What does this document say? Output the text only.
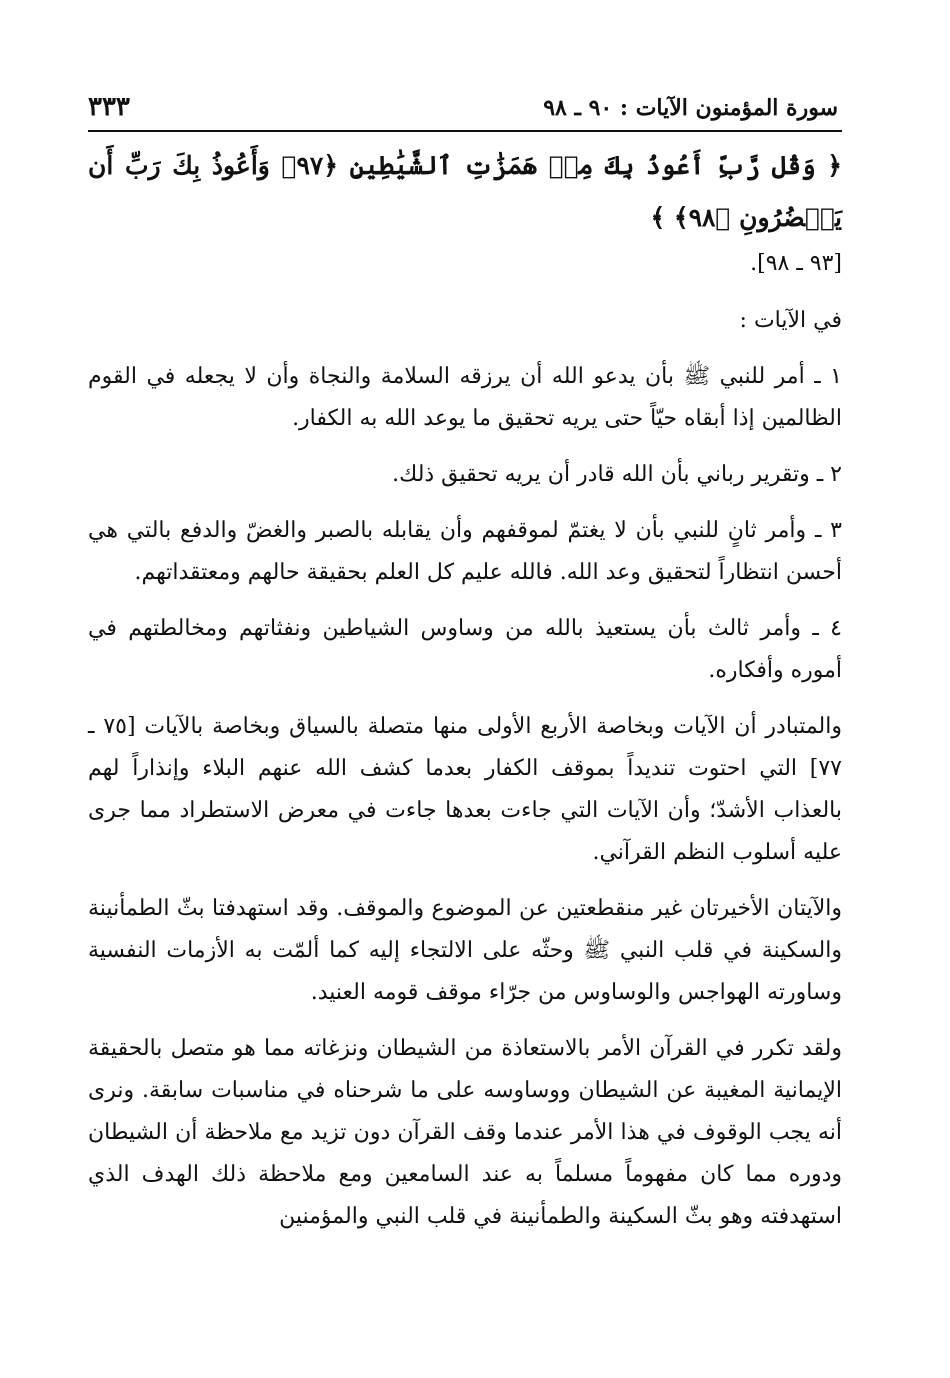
سورة المؤمنون الآيات : ٩٠ ـ ٩٨
٣٣٣
﴿ وَقُل رَّبِّ أَعُوذُ بِكَ مِنۡ هَمَزَٰتِ ٱلشَّيَٰطِينِ ﴿٩٧﴾ وَأَعُوذُ بِكَ رَبِّ أَن يَحۡضُرُونِ ﴿٩٨﴾ ﴾
[٩٣ ـ ٩٨].

في الآيات :

١ ـ أمر للنبي ﷺ بأن يدعو الله أن يرزقه السلامة والنجاة وأن لا يجعله في القوم الظالمين إذا أبقاه حيّاً حتى يريه تحقيق ما يوعد الله به الكفار.

٢ ـ وتقرير رباني بأن الله قادر أن يريه تحقيق ذلك.

٣ ـ وأمر ثانٍ للنبي بأن لا يغتمّ لموقفهم وأن يقابله بالصبر والغضّ والدفع بالتي هي أحسن انتظاراً لتحقيق وعد الله. فالله عليم كل العلم بحقيقة حالهم ومعتقداتهم.

٤ ـ وأمر ثالث بأن يستعيذ بالله من وساوس الشياطين ونفثاتهم ومخالطتهم في أموره وأفكاره.

والمتبادر أن الآيات وبخاصة الأربع الأولى منها متصلة بالسياق وبخاصة بالآيات [٧٥ ـ ٧٧] التي احتوت تنديداً بموقف الكفار بعدما كشف الله عنهم البلاء وإنذاراً لهم بالعذاب الأشدّ؛ وأن الآيات التي جاءت بعدها جاءت في معرض الاستطراد مما جرى عليه أسلوب النظم القرآني.

والآيتان الأخيرتان غير منقطعتين عن الموضوع والموقف. وقد استهدفتا بثّ الطمأنينة والسكينة في قلب النبي ﷺ وحثّه على الالتجاء إليه كما ألمّت به الأزمات النفسية وساورته الهواجس والوساوس من جرّاء موقف قومه العنيد.

ولقد تكرر في القرآن الأمر بالاستعاذة من الشيطان ونزغاته مما هو متصل بالحقيقة الإيمانية المغيبة عن الشيطان ووساوسه على ما شرحناه في مناسبات سابقة. ونرى أنه يجب الوقوف في هذا الأمر عندما وقف القرآن دون تزيد مع ملاحظة أن الشيطان ودوره مما كان مفهوماً مسلماً به عند السامعين ومع ملاحظة ذلك الهدف الذي استهدفته وهو بثّ السكينة والطمأنينة في قلب النبي والمؤمنين
